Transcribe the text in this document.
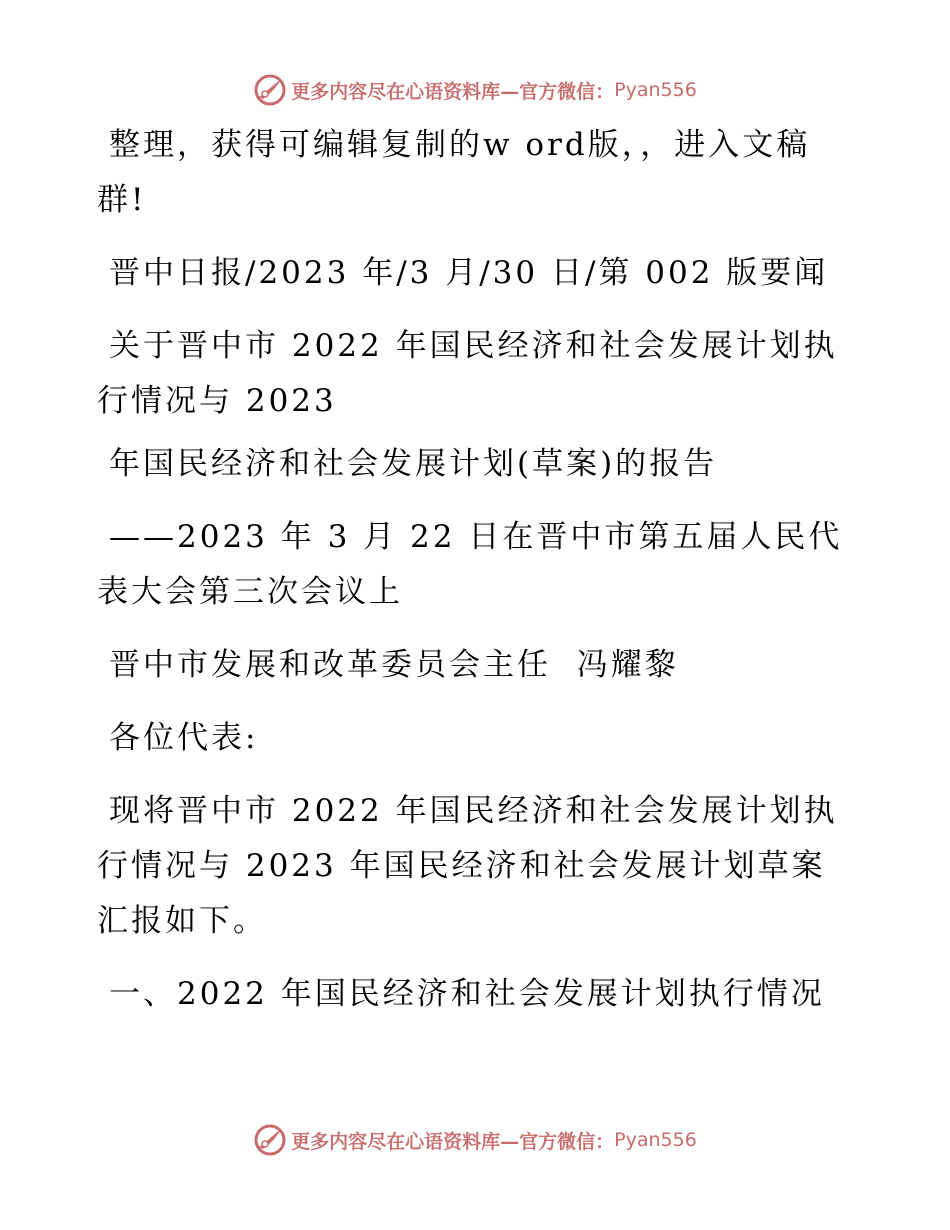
更多内容尽在心语资料库—官方微信： Pyan556

整理，获得可编辑复制的w ord版，，进入文稿群!

晋中日报/2023 年/3 月/30 日/第 002 版要闻

关于晋中市 2022 年国民经济和社会发展计划执行情况与 2023

年国民经济和社会发展计划(草案)的报告

——2023 年 3 月 22 日在晋中市第五届人民代表大会第三次会议上

晋中市发展和改革委员会主任  冯耀黎

各位代表:

现将晋中市 2022 年国民经济和社会发展计划执行情况与 2023 年国民经济和社会发展计划草案汇报如下。

一、2022 年国民经济和社会发展计划执行情况

更多内容尽在心语资料库—官方微信： Pyan556
